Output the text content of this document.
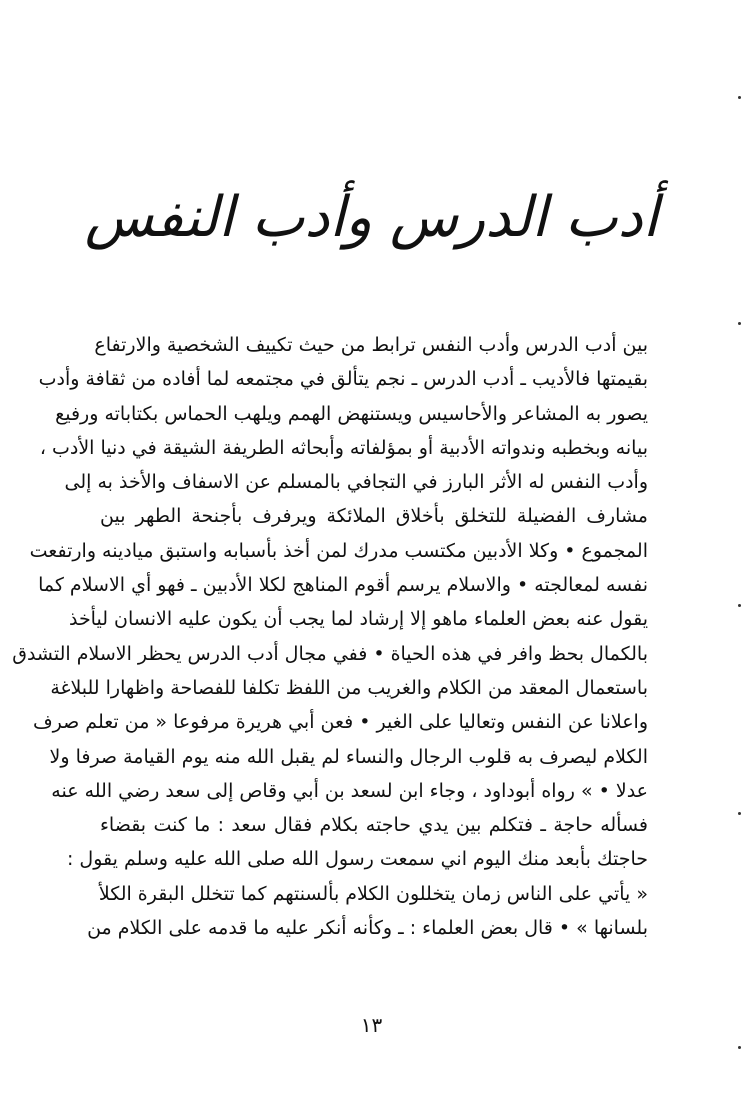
أدب الدرس وأدب النفس
بين أدب الدرس وأدب النفس ترابط من حيث تكييف الشخصية والارتفاع
بقيمتها فالأديب ـ أدب الدرس ـ نجم يتألق في مجتمعه لما أفاده من ثقافة وأدب
يصور به المشاعر والأحاسيس ويستنهض الهمم ويلهب الحماس بكتاباته ورفيع
بيانه وبخطبه وندواته الأدبية أو بمؤلفاته وأبحاثه الطريفة الشيقة في دنيا الأدب ،
وأدب النفس له الأثر البارز في التجافي بالمسلم عن الاسفاف والأخذ به إلى
مشارف الفضيلة للتخلق بأخلاق الملائكة ويرفرف بأجنحة الطهر بين
المجموع • وكلا الأدبين مكتسب مدرك لمن أخذ بأسبابه واستبق ميادينه وارتفعت
نفسه لمعالجته • والاسلام يرسم أقوم المناهج لكلا الأدبين ـ فهو أي الاسلام كما
يقول عنه بعض العلماء ماهو إلا إرشاد لما يجب أن يكون عليه الانسان ليأخذ
بالكمال بحظ وافر في هذه الحياة • ففي مجال أدب الدرس يحظر الاسلام التشدق
باستعمال المعقد من الكلام والغريب من اللفظ تكلفا للفصاحة واظهارا للبلاغة
واعلانا عن النفس وتعاليا على الغير • فعن أبي هريرة مرفوعا « من تعلم صرف
الكلام ليصرف به قلوب الرجال والنساء لم يقبل الله منه يوم القيامة صرفا ولا
عدلا • » رواه أبوداود ، وجاء ابن لسعد بن أبي وقاص إلى سعد رضي الله عنه
فسأله حاجة ـ فتكلم بين يدي حاجته بكلام فقال سعد : ما كنت بقضاء
حاجتك بأبعد منك اليوم اني سمعت رسول الله صلى الله عليه وسلم يقول :
« يأتي على الناس زمان يتخللون الكلام بألسنتهم كما تتخلل البقرة الكلأ
بلسانها » • قال بعض العلماء : ـ وكأنه أنكر عليه ما قدمه على الكلام من
١٣
